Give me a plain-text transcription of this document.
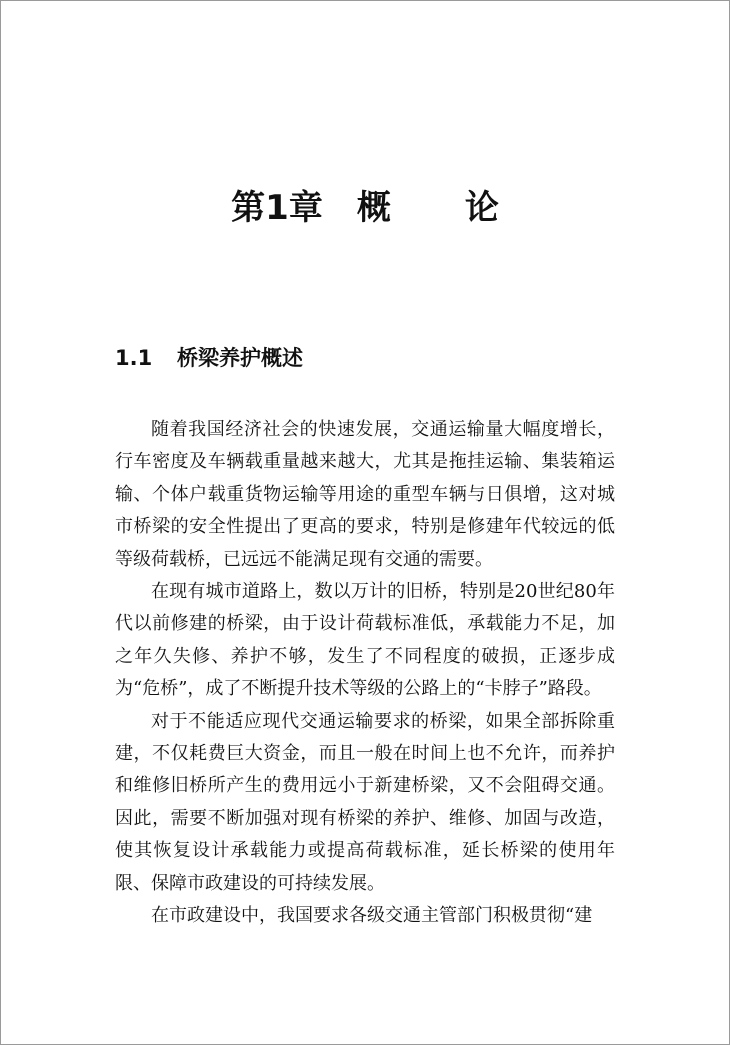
第1章 概 论
1.1 桥梁养护概述

随着我国经济社会的快速发展，交通运输量大幅度增长，行车密度及车辆载重量越来越大，尤其是拖挂运输、集装箱运输、个体户载重货物运输等用途的重型车辆与日俱增，这对城市桥梁的安全性提出了更高的要求，特别是修建年代较远的低等级荷载桥，已远远不能满足现有交通的需要。

在现有城市道路上，数以万计的旧桥，特别是20世纪80年代以前修建的桥梁，由于设计荷载标准低，承载能力不足，加之年久失修、养护不够，发生了不同程度的破损，正逐步成为“危桥”，成了不断提升技术等级的公路上的“卡脖子”路段。

对于不能适应现代交通运输要求的桥梁，如果全部拆除重建，不仅耗费巨大资金，而且一般在时间上也不允许，而养护和维修旧桥所产生的费用远小于新建桥梁，又不会阻碍交通。因此，需要不断加强对现有桥梁的养护、维修、加固与改造，使其恢复设计承载能力或提高荷载标准，延长桥梁的使用年限、保障市政建设的可持续发展。

在市政建设中，我国要求各级交通主管部门积极贯彻“建
